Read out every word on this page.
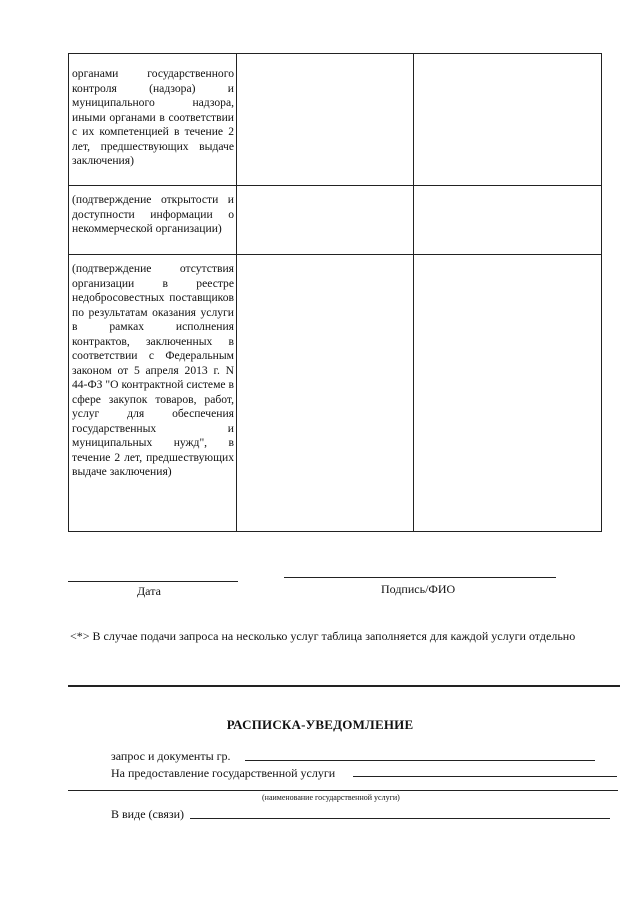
органами государственного контроля (надзора) и муниципального надзора, иными органами в соответствии с их компетенцией в течение 2 лет, предшествующих выдаче заключения)
(подтверждение открытости и доступности информации о некоммерческой организации)
(подтверждение отсутствия организации в реестре недобросовестных поставщиков по результатам оказания услуги в рамках исполнения контрактов, заключенных в соответствии с Федеральным законом от 5 апреля 2013 г. N 44-ФЗ "О контрактной системе в сфере закупок товаров, работ, услуг для обеспечения государственных и муниципальных нужд", в течение 2 лет, предшествующих выдаче заключения)
Дата	Подпись/ФИО
<*> В случае подачи запроса на несколько услуг таблица заполняется для каждой услуги отдельно
РАСПИСКА-УВЕДОМЛЕНИЕ
запрос и документы гр.
На предоставление государственной услуги
(наименование государственной услуги)
В виде (связи)
